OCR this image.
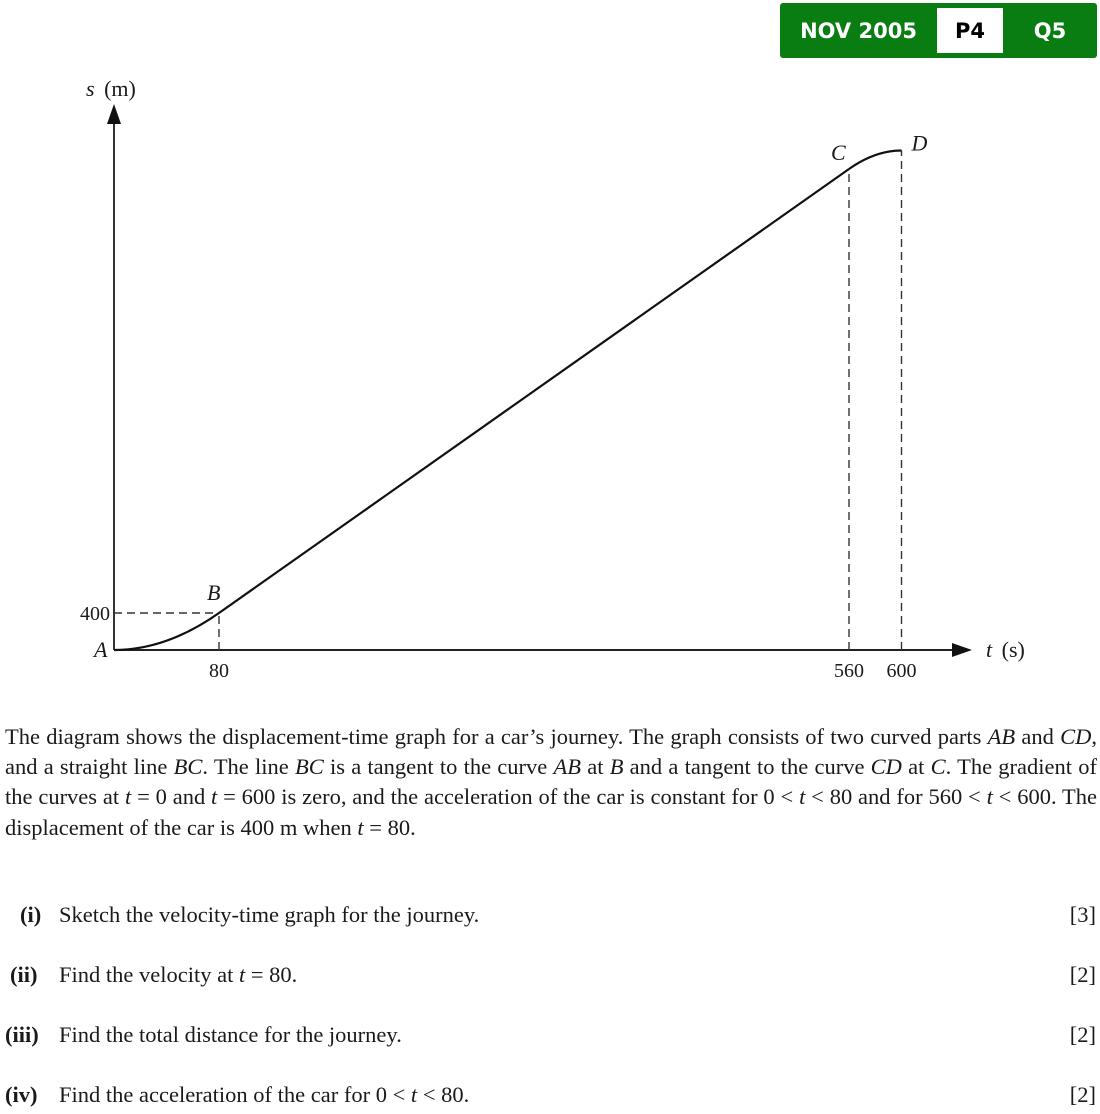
NOV 2005	P4	Q5
s (m)
t (s)
80	560 600
400
A
B
C	D
The diagram shows the displacement-time graph for a car’s journey. The graph consists of two curved parts AB and CD, and a straight line BC. The line BC is a tangent to the curve AB at B and a tangent to the curve CD at C. The gradient of the curves at t = 0 and t = 600 is zero, and the acceleration of the car is constant for 0 < t < 80 and for 560 < t < 600. The displacement of the car is 400 m when t = 80.
(i) Sketch the velocity-time graph for the journey.	[3]
(ii) Find the velocity at t = 80.	[2]
(iii) Find the total distance for the journey.	[2]
(iv) Find the acceleration of the car for 0 < t < 80.	[2]
